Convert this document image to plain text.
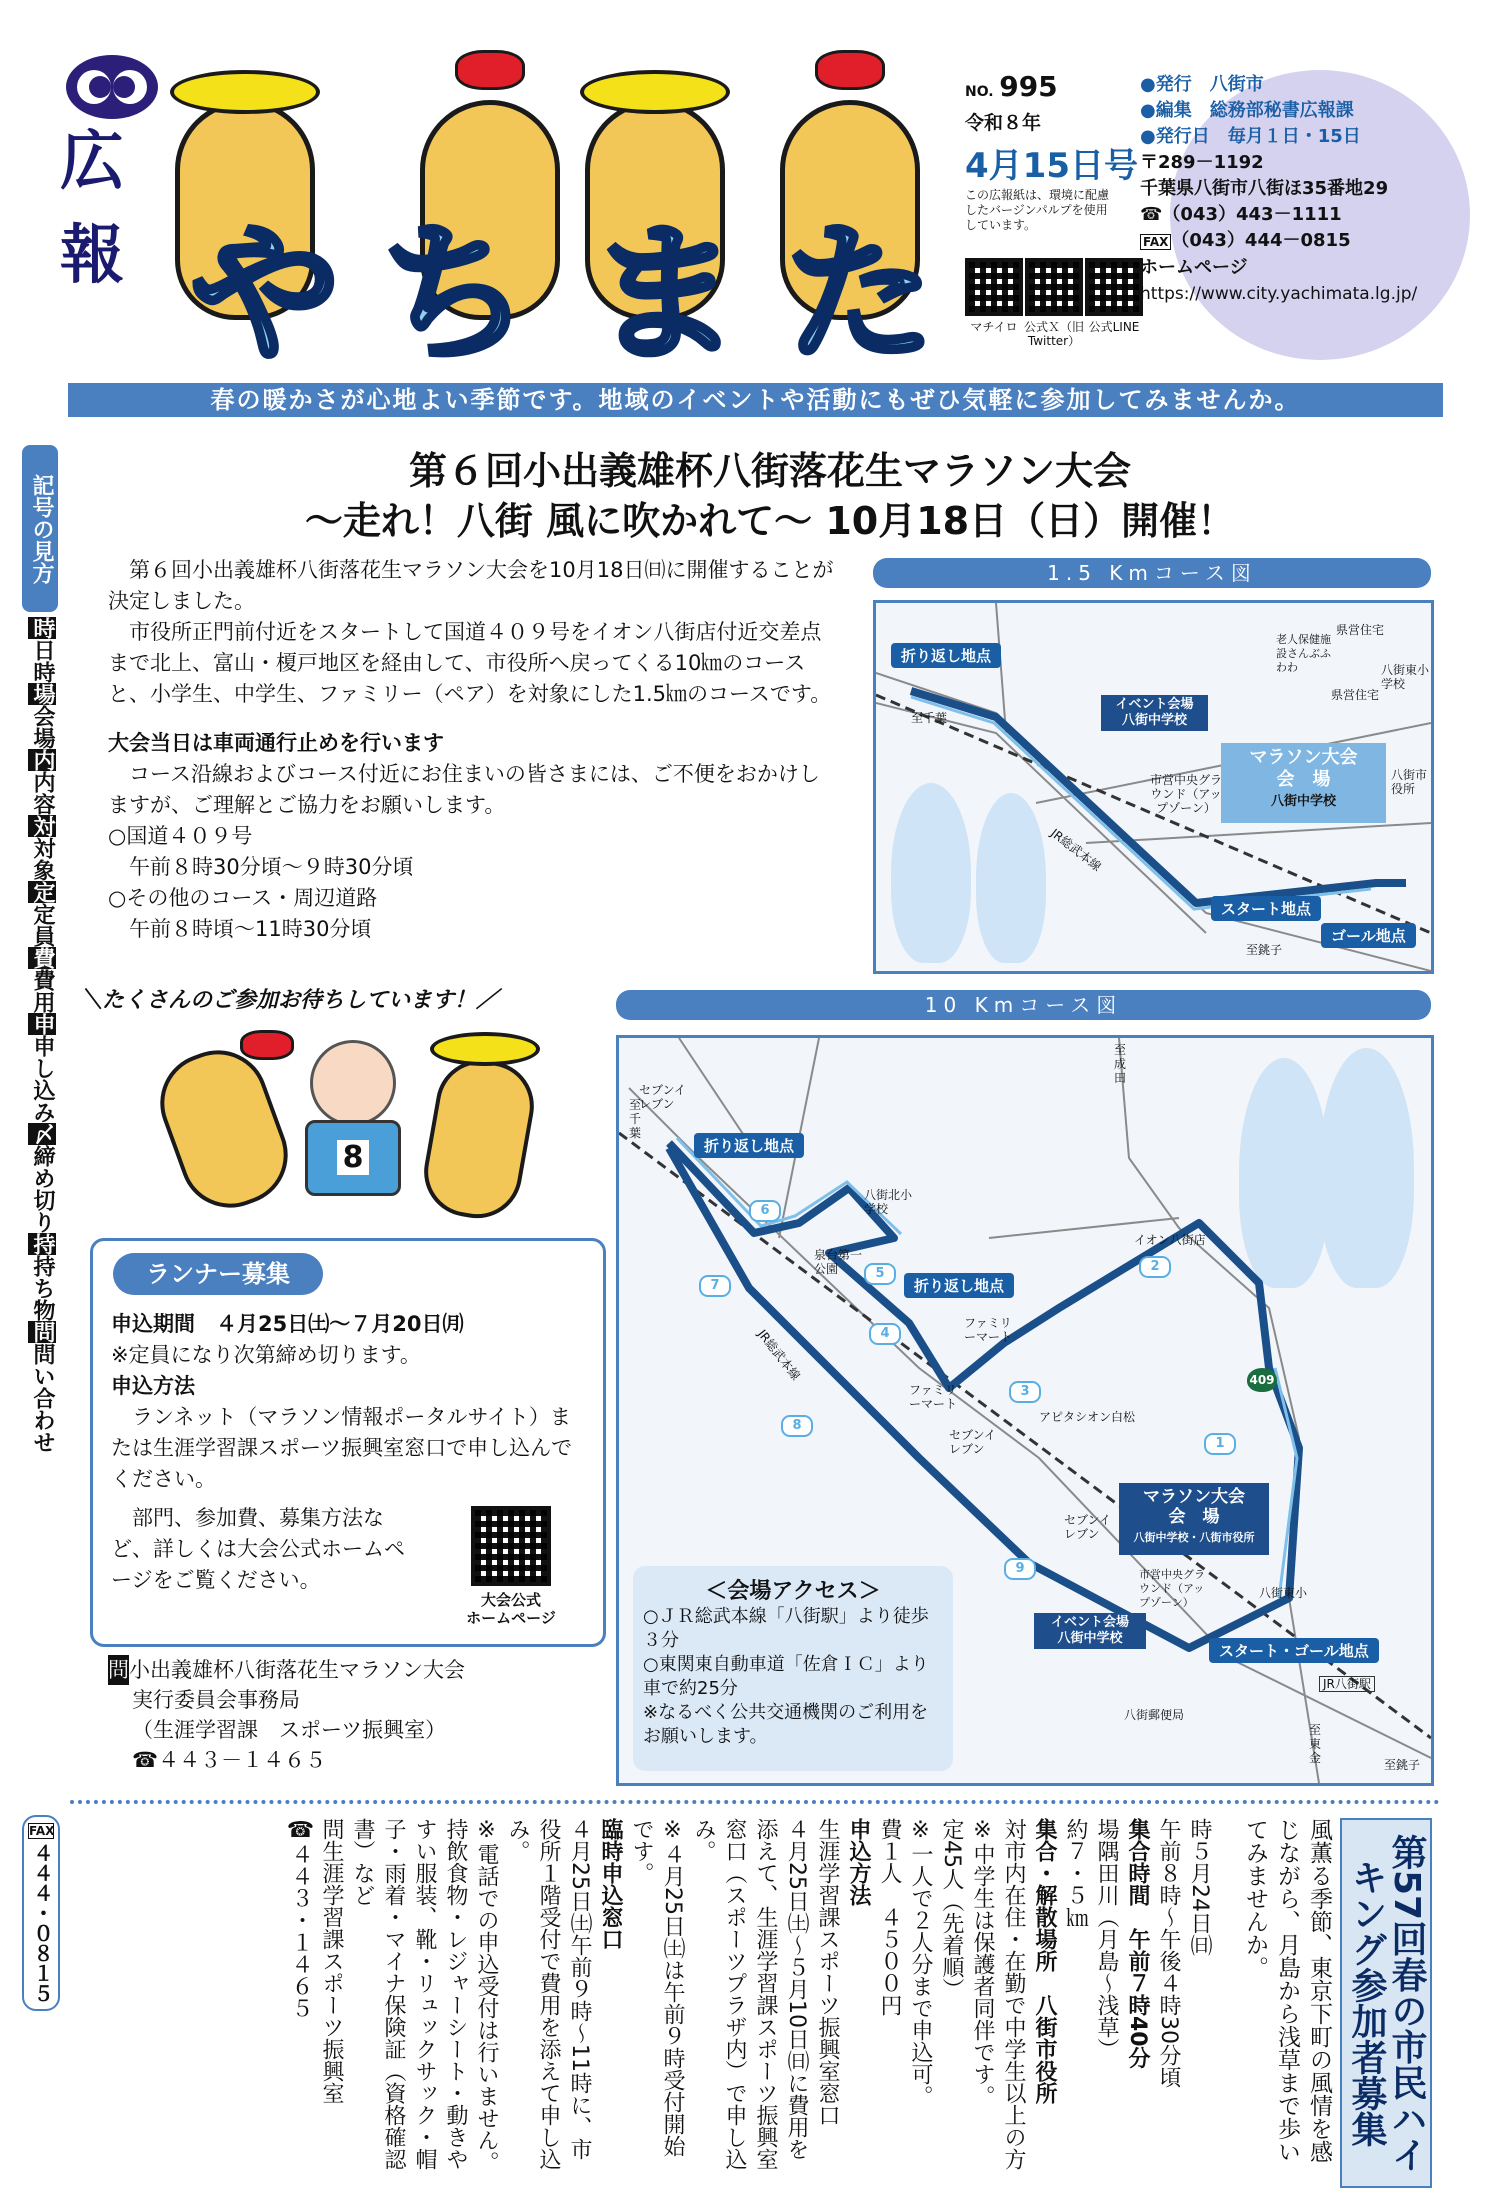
広
報 や ち ま た
NO. 995
令和８年
4月15日号
この広報紙は、環境に配慮したバージンパルプを使用しています。
マチイロ 公式Ｘ（旧Twitter）
公式LINE
●発行　八街市
●編集　総務部秘書広報課
●発行日　毎月１日・15日
〒289－1192
千葉県八街市八街ほ35番地29
☎（043）443－1111
FAX （043）444－0815
ホームページ
https://www.city.yachimata.lg.jp/
春の暖かさが心地よい季節です。地域のイベントや活動にもぜひ気軽に参加してみませんか。
記号の見方
時日時
場会場
内内容
対対象
定定員
費費用
申申し込み
〆締め切り
持持ち物
問問い合わせ
FAX
４４４・０８１５
第６回小出義雄杯八街落花生マラソン大会
～走れ！八街 風に吹かれて～ 10月18日（日）開催！
　第６回小出義雄杯八街落花生マラソン大会を10月18日㈰に開催することが決定しました。
　市役所正門前付近をスタートして国道４０９号をイオン八街店付近交差点まで北上、富山・榎戸地区を経由して、市役所へ戻ってくる10㎞のコースと、小学生、中学生、ファミリー（ペア）を対象にした1.5㎞のコースです。
大会当日は車両通行止めを行います
　コース沿線およびコース付近にお住まいの皆さまには、ご不便をおかけしますが、ご理解とご協力をお願いします。
○国道４０９号
　午前８時30分頃～９時30分頃
○その他のコース・周辺道路
　午前８時頃～11時30分頃
＼たくさんのご参加お待ちしています！／
8
1.5 Kmコース図
折り返し地点
イベント会場
八街中学校
マラソン大会
会　場
八街中学校
スタート地点
ゴール地点
至千葉
JR総武本線
至銚子
市営中央グラウンド（アップゾーン）
老人保健施設さんぶふわわ
県営住宅
県営住宅
八街東小学校
八街市役所
10 Kmコース図
409
折り返し地点
折り返し地点
マラソン大会
会　場
八街中学校・八街市役所
イベント会場
八街中学校
スタート・ゴール地点
1
2
3
4
5
6
7
8
9
至成田
至千葉
セブンイレブン
八街北小学校
泉台第一公園
イオン八街店
ファミリーマート
ファミリーマート
アピタシオン白松
セブンイレブン
セブンイレブン
JR総武本線
市営中央グラウンド（アップゾーン）
八街東小
八街郵便局
至東金	至銚子
JR八街駅
＜会場アクセス＞
○ＪＲ総武本線「八街駅」より徒歩３分
○東関東自動車道「佐倉ＩＣ」より車で約25分
※なるべく公共交通機関のご利用をお願いします。
ランナー募集
申込期間　 ４月25日㈯～７月20日㈪
※定員になり次第締め切ります。
申込方法
　ランネット（マラソン情報ポータルサイト）または生涯学習課スポーツ振興室窓口で申し込んでください。
　部門、参加費、募集方法など、詳しくは大会公式ホームページをご覧ください。
大会公式
ホームページ
問小出義雄杯八街落花生マラソン大会
実行委員会事務局
（生涯学習課　スポーツ振興室）
☎４４３－１４６５
第57回春の市民ハイキング参加者募集
風薫る季節、東京下町の風情を感じながら、月島から浅草まで歩いてみませんか。
時５月24日㈰
午前８時～午後４時30分頃
集合時間　午前７時40分
場隅田川（月島～浅草）
約７・５㎞
集合・解散場所　八街市役所
対市内在住・在勤で中学生以上の方
※中学生は保護者同伴です。
定45人（先着順）
※一人で２人分まで申込可。
費１人　４５００円
申込方法
生涯学習課スポーツ振興室窓口
４月25日㈯～５月10日㈰に費用を添えて、生涯学習課スポーツ振興室窓口（スポーツプラザ内）で申し込み。
※４月25日㈯は午前９時受付開始です。
臨時申込窓口
４月25日㈯午前９時～11時に、市役所１階受付で費用を添えて申し込み。
※電話での申込受付は行いません。
持飲食物・レジャーシート・動きやすい服装、靴・リュックサック・帽子・雨着・マイナ保険証（資格確認書）など
問生涯学習課スポーツ振興室
☎４４３・１４６５
